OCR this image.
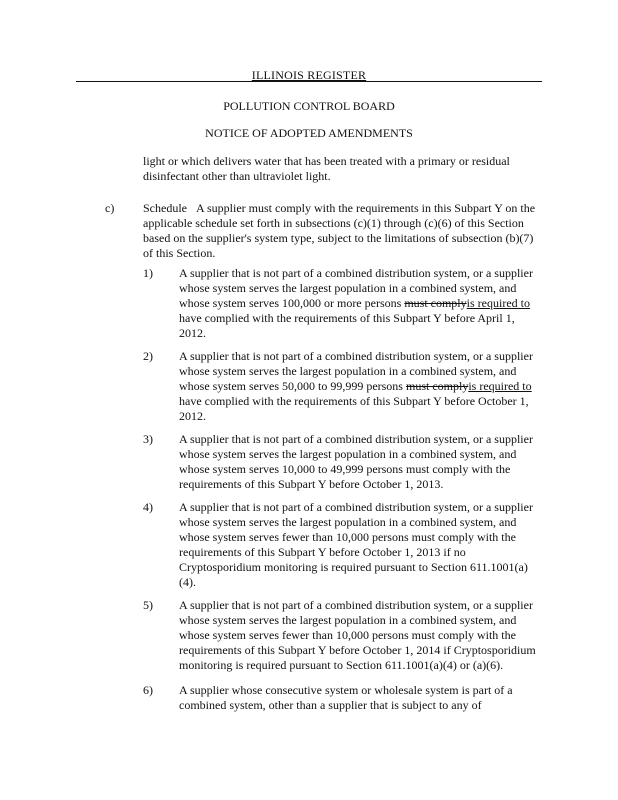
ILLINOIS REGISTER
POLLUTION CONTROL BOARD
NOTICE OF ADOPTED AMENDMENTS
light or which delivers water that has been treated with a primary or residual disinfectant other than ultraviolet light.
c) Schedule A supplier must comply with the requirements in this Subpart Y on the applicable schedule set forth in subsections (c)(1) through (c)(6) of this Section based on the supplier's system type, subject to the limitations of subsection (b)(7) of this Section.
1) A supplier that is not part of a combined distribution system, or a supplier whose system serves the largest population in a combined system, and whose system serves 100,000 or more persons must complyis required to have complied with the requirements of this Subpart Y before April 1, 2012.
2) A supplier that is not part of a combined distribution system, or a supplier whose system serves the largest population in a combined system, and whose system serves 50,000 to 99,999 persons must complyis required to have complied with the requirements of this Subpart Y before October 1, 2012.
3) A supplier that is not part of a combined distribution system, or a supplier whose system serves the largest population in a combined system, and whose system serves 10,000 to 49,999 persons must comply with the requirements of this Subpart Y before October 1, 2013.
4) A supplier that is not part of a combined distribution system, or a supplier whose system serves the largest population in a combined system, and whose system serves fewer than 10,000 persons must comply with the requirements of this Subpart Y before October 1, 2013 if no Cryptosporidium monitoring is required pursuant to Section 611.1001(a)(4).
5) A supplier that is not part of a combined distribution system, or a supplier whose system serves the largest population in a combined system, and whose system serves fewer than 10,000 persons must comply with the requirements of this Subpart Y before October 1, 2014 if Cryptosporidium monitoring is required pursuant to Section 611.1001(a)(4) or (a)(6).
6) A supplier whose consecutive system or wholesale system is part of a combined system, other than a supplier that is subject to any of
